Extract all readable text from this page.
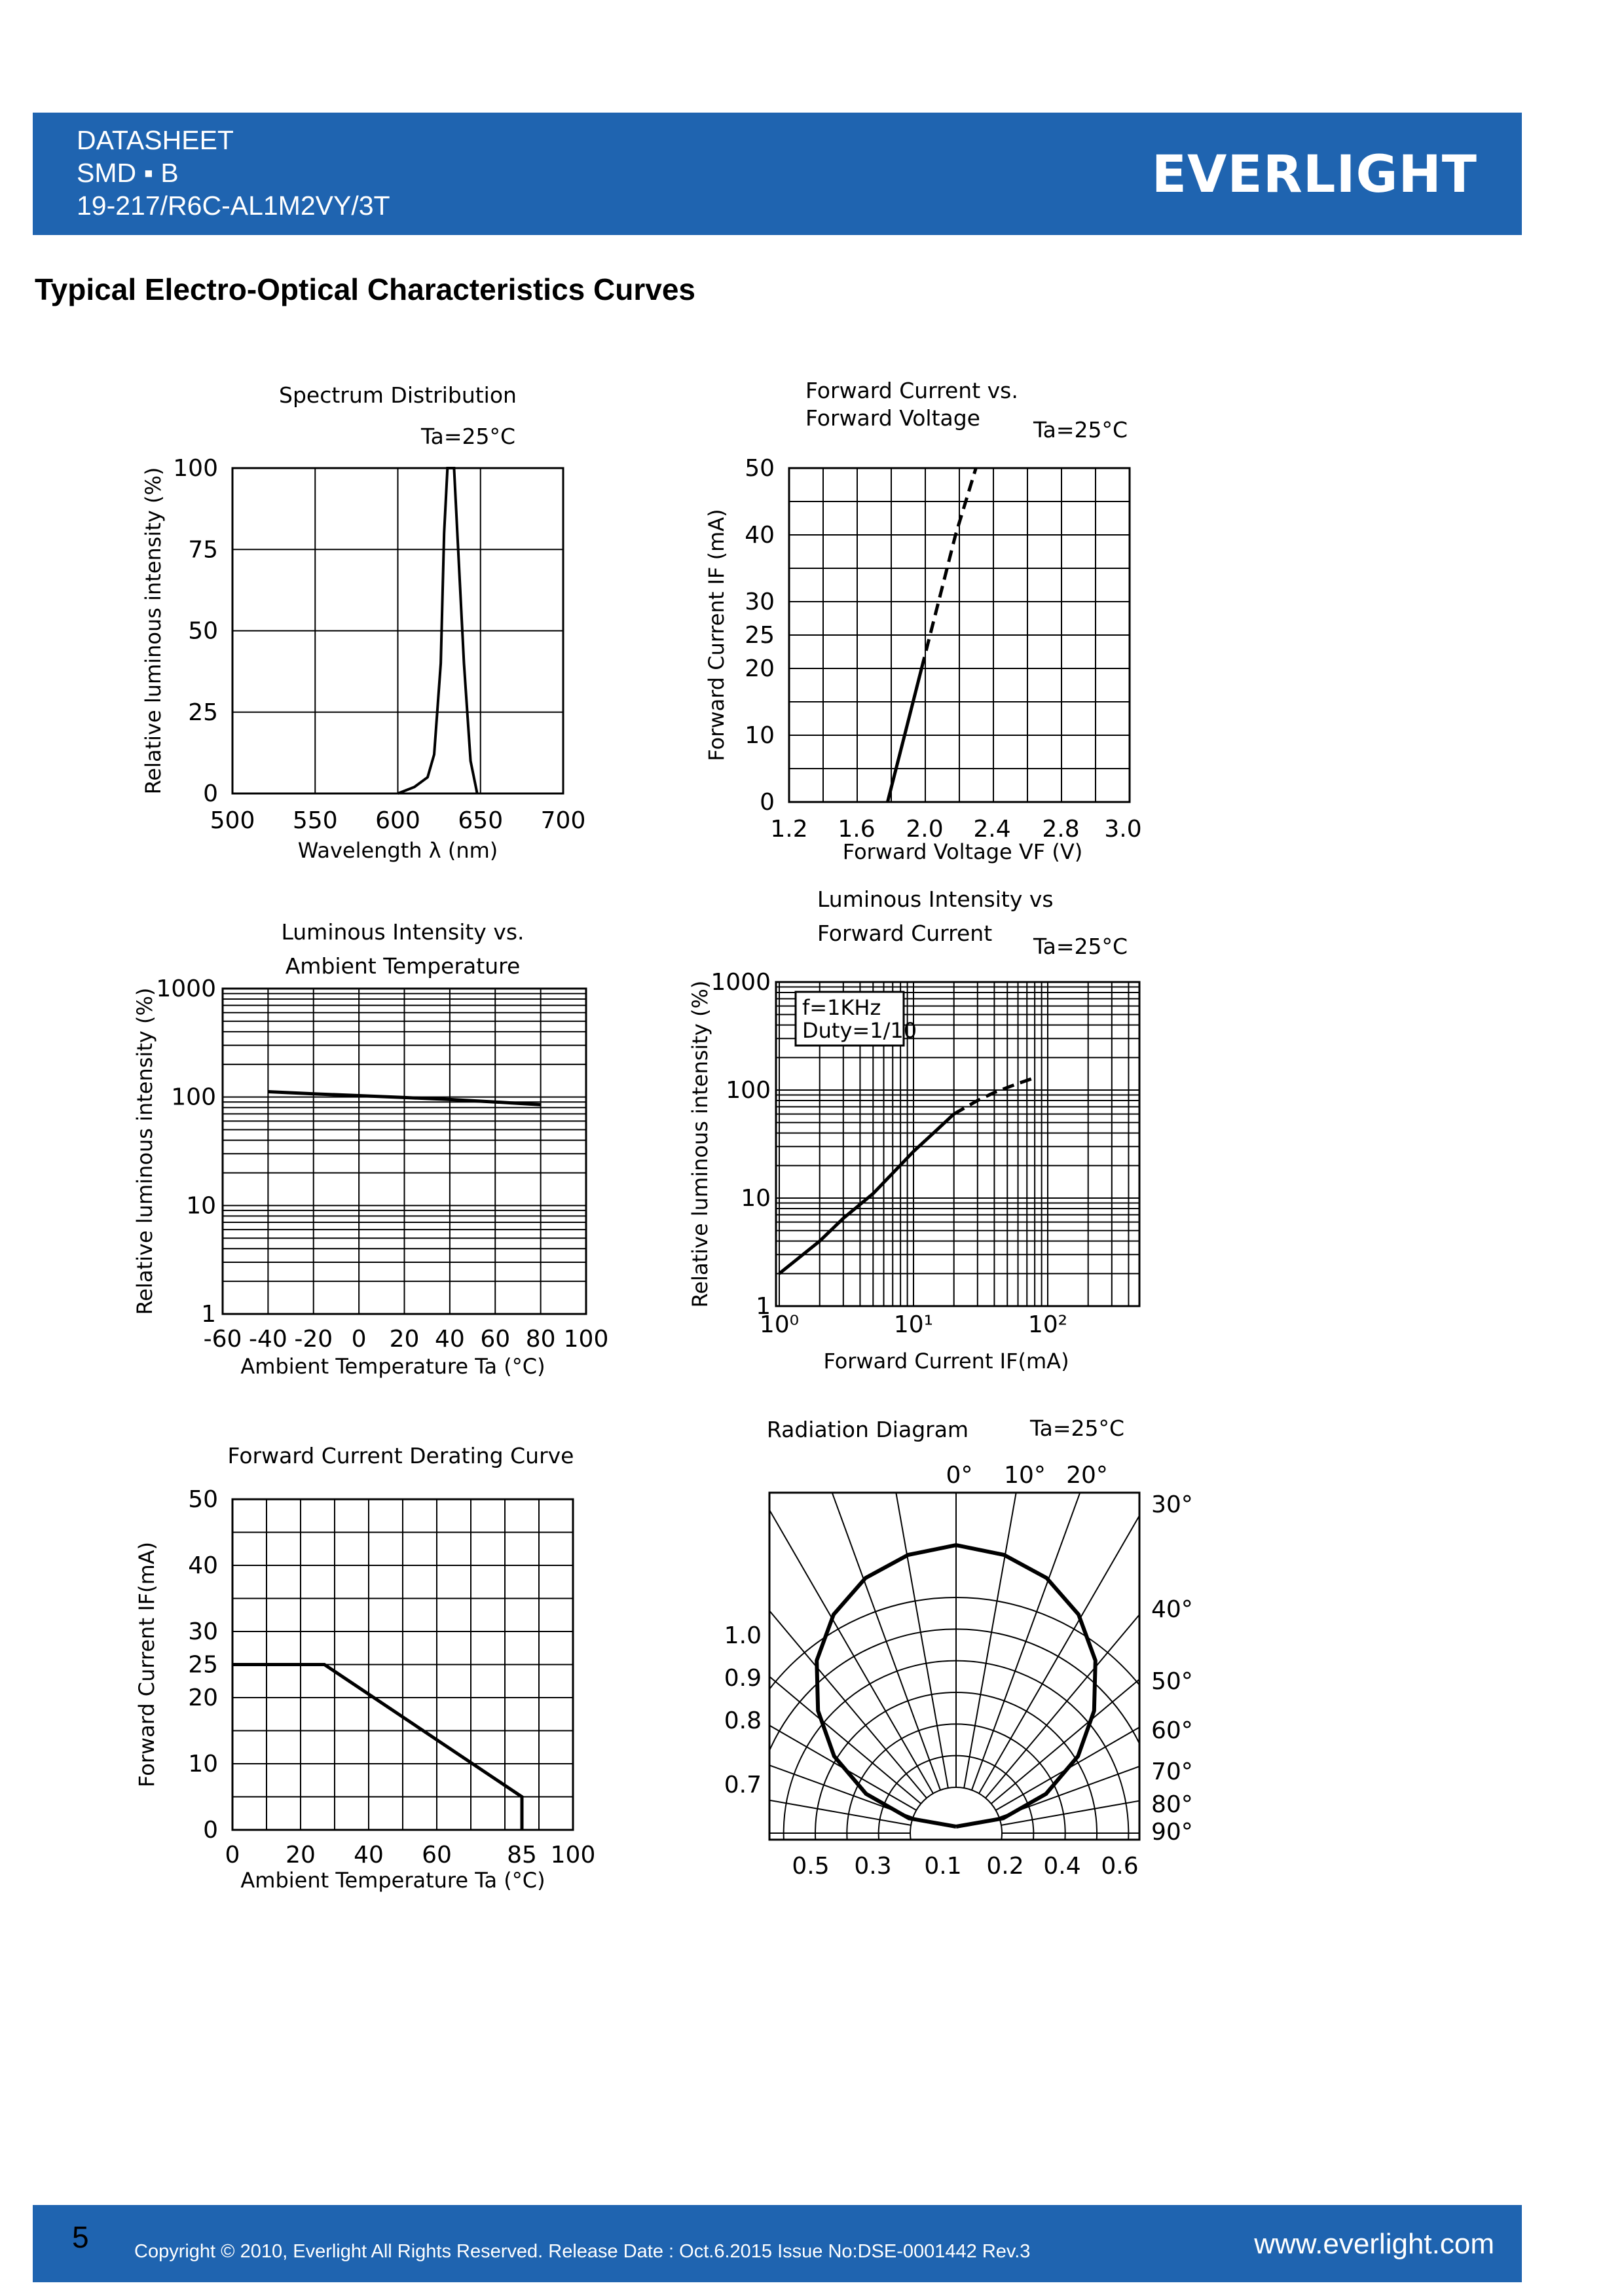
DATASHEET
SMD ▪ B
19-217/R6C-AL1M2VY/3T
EVERLIGHT
Typical Electro-Optical Characteristics Curves
Spectrum Distribution
Ta=25°C
500 550 600 650 700
0
25
50
75
100
Wavelength λ (nm)
Relative luminous intensity (%)
Forward Current vs.
Forward Voltage Ta=25°C
1.2 1.6 2.0 2.4 2.8 3.0
0
10
20
25
30
40
50
Forward Voltage VF (V)
Forward Current IF (mA)
Luminous Intensity vs.
Ambient Temperature
-60 -40 -20 0 20 40 60 80 100
1
10
100
1000
Ambient Temperature Ta (°C)
Relative luminous intensity (%)
Luminous Intensity vs
Forward Current
Ta=25°C
f=1KHz
Duty=1/10
10⁰	10¹	10²
1
10
100
1000
Forward Current IF(mA)
Relative luminous intensity (%)
Forward Current Derating Curve
0 20 40 60 85 100
0
10
20
25
30
40
50
Ambient Temperature Ta (°C)
Forward Current IF(mA)
Radiation Diagram	Ta=25°C
0° 10° 20°
30°
40°
50°
60°
70°
80°
90°
1.0
0.9
0.8
0.7
0.5 0.3 0.1 0.2 0.4 0.6
5 Copyright © 2010, Everlight All Rights Reserved. Release Date : Oct.6.2015 Issue No:DSE-0001442 Rev.3	www.everlight.com
